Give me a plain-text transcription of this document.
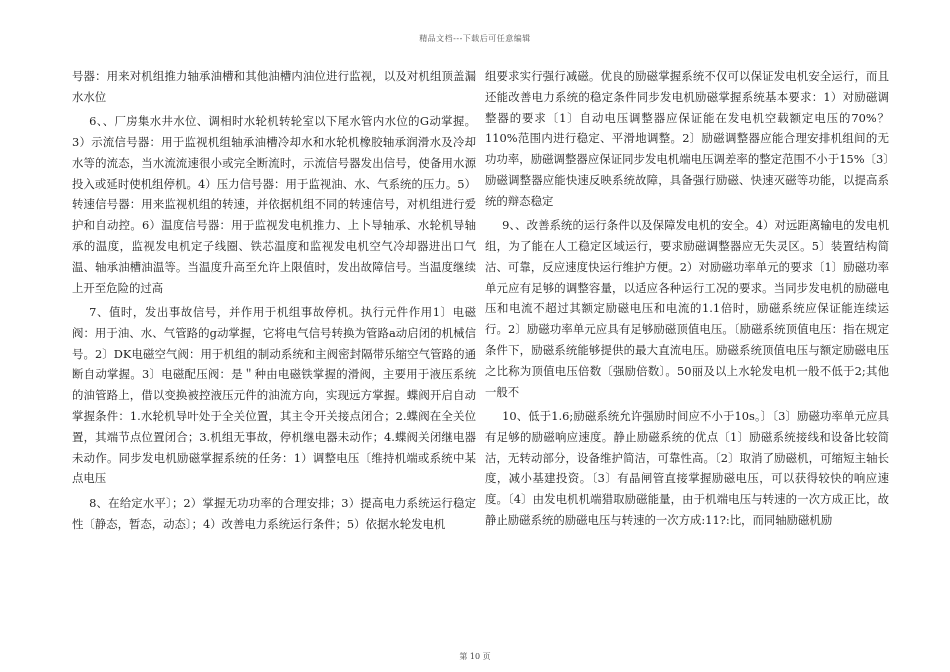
精品文档---下载后可任意编辑

号器：用来对机组推力轴承油槽和其他油槽内油位进行监视，以及对机组顶盖漏水水位

6、、厂房集水井水位、调相时水轮机转轮室以下尾水管内水位的G动掌握。3）示流信号器：用于监视机组轴承油槽冷却水和水轮机橡胶轴承润滑水及冷却水等的流态，当水流流速很小或完全断流时，示流信号器发出信号，使备用水源投入或延时使机组停机。4）压力信号器：用于监视油、水、气系统的压力。5）转速信号器：用来监视机组的转速，并依据机组不同的转速信号，对机组进行爱护和自动控。6）温度信号器：用于监视发电机推力、上卜导轴承、水轮机导轴承的温度，监视发电机定子线圈、铁芯温度和监视发电机空气冷却器进出口气温、轴承油槽油温等。当温度升高至允许上限值时，发出故障信号。当温度继续上开至危险的过高

7、值时，发出事故信号，并作用于机组事故停机。执行元件作用1〕电磁阀：用于油、水、气管路的g动掌握，它将电气信号转换为管路a动启闭的机械信号。2〕DK电磁空气阀：用于机组的制动系统和主阀密封隔带乐缩空气管路的通断自动掌握。3〕电磁配压阀：是＂种由电磁铁掌握的滑阀，主要用于液压系统的油管路上，借以变换被控液压元件的油流方向，实现远方掌握。蝶阀开启自动掌握条件：1.水轮机导叶处于全关位置，其主令开关接点闭合；2.蝶阀在全关位置，其端节点位置闭合；3.机组无事故，停机继电器未动作；4.蝶阀关闭继电器未动作。同步发电机励磁掌握系统的任务：1）调整电压〔维持机端或系统中某点电压

8、在给定水平〕；2）掌握无功功率的合理安排；3）提高电力系统运行稳定性〔静态，暂态，动态〕；4）改善电力系统运行条件；5）依据水轮发电机

组要求实行强行减磁。优良的励磁掌握系统不仅可以保证发电机安全运行，而且还能改善电力系统的稳定条件同步发电机励磁掌握系统基本要求：1）对励磁调整器的要求〔1〕自动电压调整器应保证能在发电机空载额定电压的70%？110%范围内进行稳定、平滑地调整。2〕励磁调整器应能合理安排机组间的无功功率，励磁调整器应保证同步发电机端电压调差率的整定范围不小于15%〔3〕励磁调整器应能快速反映系统故障，具备强行励磁、快速灭磁等功能，以提高系统的辩态稳定

9、、改善系统的运行条件以及保障发电机的安全。4）对远距离输电的发电机组，为了能在人工稳定区域运行，要求励磁调整器应无失灵区。5〕装置结构简沽、可靠，反应速度快运行维护方便。2）对励磁功率单元的要求〔1〕励磁功率单元应有足够的调整容量，以适应各种运行工况的要求。当同步发电机的励磁电压和电流不超过其额定励磁电压和电流的1.1倍时，励磁系统应保证能连续运行。2〕励磁功率单元应具有足够励磁顶值电压。〔励磁系统顶值电压：指在规定条件下，励磁系统能够提供的最大直流电压。励磁系统顶值电压与额定励磁电压之比称为顶值电压倍数〔强励倍数〕。50丽及以上水轮发电机一般不低于2;其他一般不

10、低于1.6;励磁系统允许强励时间应不小于10s。〕〔3〕励磁功率单元应具有足够的励磁响应速度。静止励磁系统的优点〔1〕励磁系统接线和设备比较简沽，无转动部分，设备维护简洁，可靠性高。〔2〕取消了励磁机，可缩短主轴长度，减小基建投资。〔3〕有晶闸管直接掌握励磁电压，可以获得较快的响应速度。〔4〕由发电机机端猎取励磁能量，由于机端电压与转速的一次方成正比，故静止励磁系统的励磁电压与转速的一次方成:11?:比，而同轴励磁机励

第 10 页
